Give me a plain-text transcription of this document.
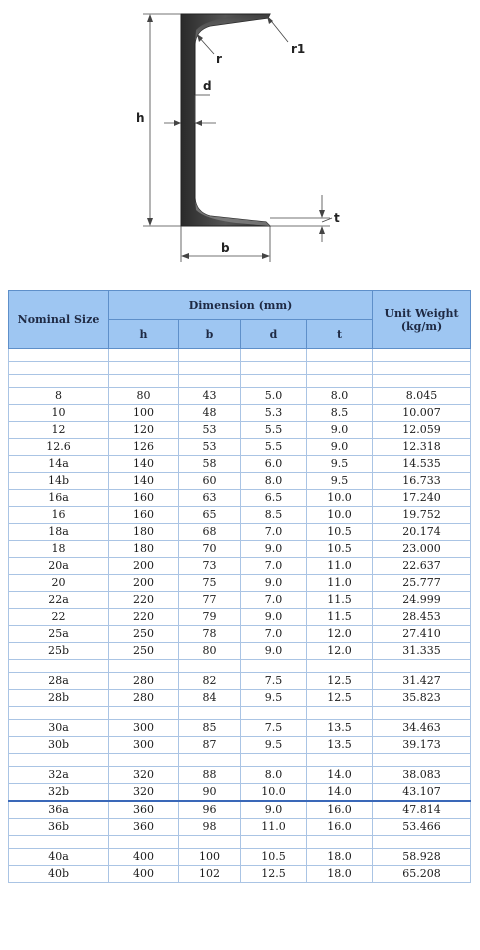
h
d
r
r1
t
b
Nominal Size	Dimension (mm)				Unit Weight (kg/m)
	h	b	d	t	

8	80	43	5.0	8.0	8.045
10	100	48	5.3	8.5	10.007
12	120	53	5.5	9.0	12.059
12.6	126	53	5.5	9.0	12.318
14a	140	58	6.0	9.5	14.535
14b	140	60	8.0	9.5	16.733
16a	160	63	6.5	10.0	17.240
16	160	65	8.5	10.0	19.752
18a	180	68	7.0	10.5	20.174
18	180	70	9.0	10.5	23.000
20a	200	73	7.0	11.0	22.637
20	200	75	9.0	11.0	25.777
22a	220	77	7.0	11.5	24.999
22	220	79	9.0	11.5	28.453
25a	250	78	7.0	12.0	27.410
25b	250	80	9.0	12.0	31.335

28a	280	82	7.5	12.5	31.427
28b	280	84	9.5	12.5	35.823

30a	300	85	7.5	13.5	34.463
30b	300	87	9.5	13.5	39.173

32a	320	88	8.0	14.0	38.083
32b	320	90	10.0	14.0	43.107
36a	360	96	9.0	16.0	47.814
36b	360	98	11.0	16.0	53.466

40a	400	100	10.5	18.0	58.928
40b	400	102	12.5	18.0	65.208
